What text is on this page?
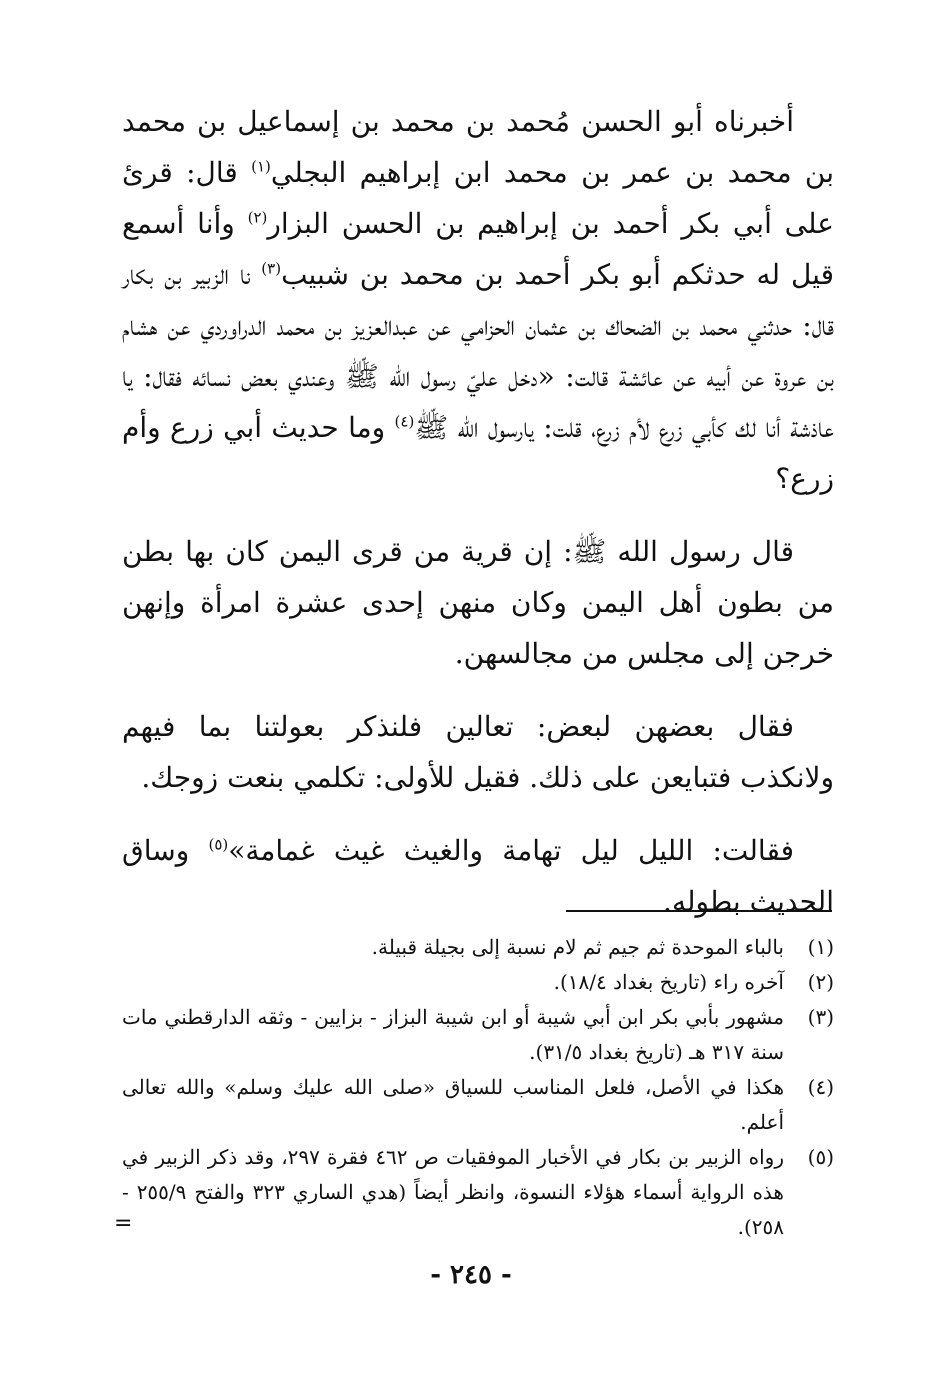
أخبرناه أبو الحسن مُحمد بن محمد بن إسماعيل بن محمد بن محمد بن عمر بن محمد ابن إبراهيم البجلي$^{(١)}$ قال: قرئ على أبي بكر أحمد بن إبراهيم بن الحسن البزار$^{(٢)}$ وأنا أسمع قيل له حدثكم أبو بكر أحمد بن محمد بن شبيب$^{(٣)}$ نا الزبير بن بكار قال: حدثني محمد بن الضحاك بن عثمان الحزامي عن عبدالعزيز بن محمد الدراوردي عن هشام بن عروة عن أبيه عن عائشة قالت: «دخل عليّ رسول الله ﷺ وعندي بعض نسائه فقال: يا عاذشة أنا لك كأبي زرع لأم زرع، قلت: يارسول الله ﷺ$^{(٤)}$ وما حديث أبي زرع وأم زرع؟

قال رسول الله ﷺ: إن قرية من قرى اليمن كان بها بطن من بطون أهل اليمن وكان منهن إحدى عشرة امرأة وإنهن خرجن إلى مجلس من مجالسهن.

فقال بعضهن لبعض: تعالين فلنذكر بعولتنا بما فيهم ولانكذب فتبايعن على ذلك. فقيل للأولى: تكلمي بنعت زوجك.

فقالت: الليل ليل تهامة والغيث غيث غمامة»$^{(٥)}$ وساق الحديث بطوله.

(١)
بالباء الموحدة ثم جيم ثم لام نسبة إلى بجيلة قبيلة.
(٢)
آخره راء (تاريخ بغداد ١٨/٤).
(٣)
مشهور بأبي بكر ابن أبي شيبة أو ابن شيبة البزاز - بزايين - وثقه الدارقطني مات سنة ٣١٧ هـ (تاريخ بغداد ٣١/٥).
(٤)
هكذا في الأصل، فلعل المناسب للسياق «صلى الله عليك وسلم» والله تعالى أعلم.
(٥)
رواه الزبير بن بكار في الأخبار الموفقيات ص ٤٦٢ فقرة ٢٩٧، وقد ذكر الزبير في هذه الرواية أسماء هؤلاء النسوة، وانظر أيضاً (هدي الساري ٣٢٣ والفتح ٢٥٥/٩ - ٢٥٨).
=
- ٢٤٥ -
